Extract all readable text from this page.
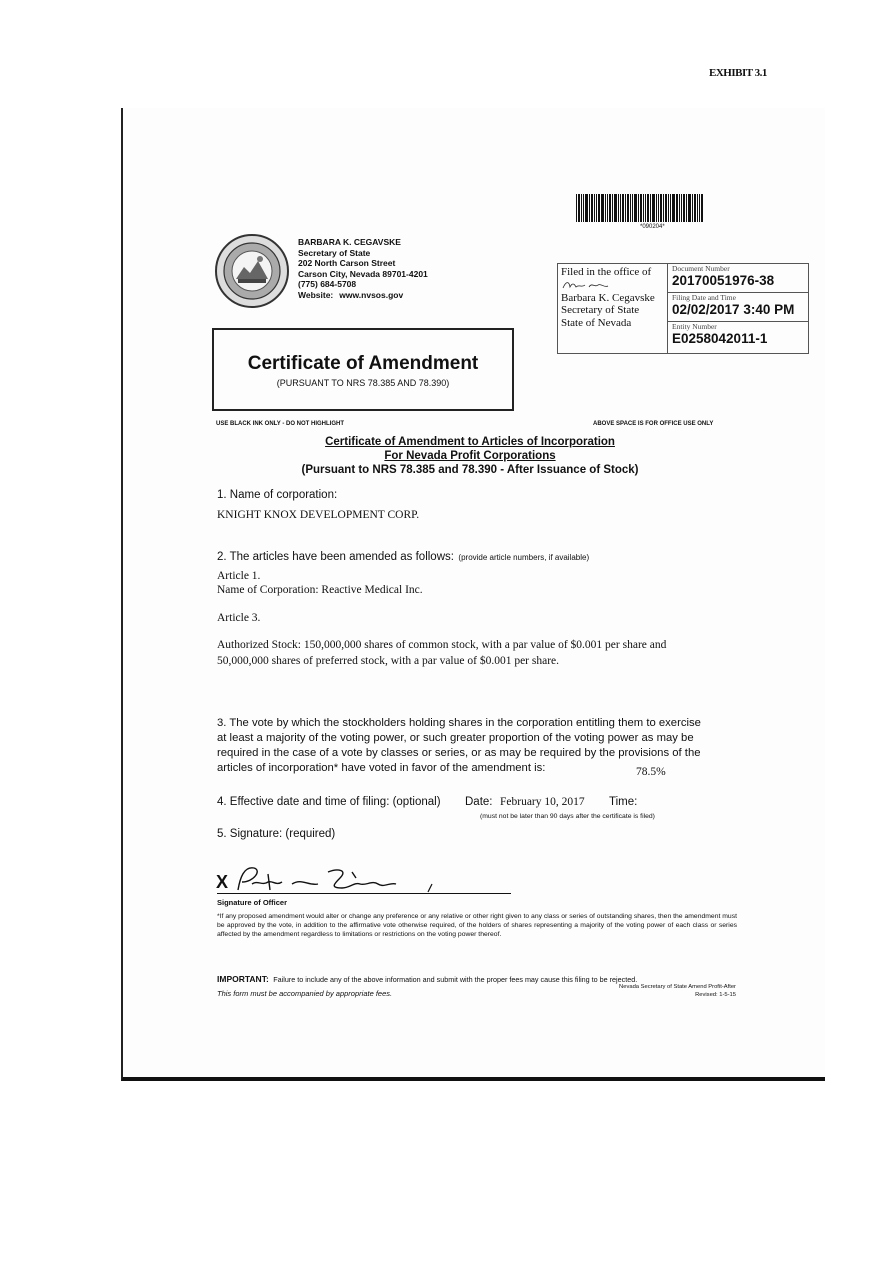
EXHIBIT 3.1
*090204*
BARBARA K. CEGAVSKE
Secretary of State
202 North Carson Street
Carson City, Nevada 89701-4201
(775) 684-5708
Website: www.nvsos.gov
Filed in the office of
Barbara K. Cegavske
Secretary of State
State of Nevada
Document Number
20170051976-38
Filing Date and Time
02/02/2017 3:40 PM
Entity Number
E0258042011-1
Certificate of Amendment
(PURSUANT TO NRS 78.385 AND 78.390)
USE BLACK INK ONLY - DO NOT HIGHLIGHT	ABOVE SPACE IS FOR OFFICE USE ONLY
Certificate of Amendment to Articles of Incorporation
For Nevada Profit Corporations
(Pursuant to NRS 78.385 and 78.390 - After Issuance of Stock)
1. Name of corporation:
KNIGHT KNOX DEVELOPMENT CORP.
2. The articles have been amended as follows: (provide article numbers, if available)
Article 1.
Name of Corporation: Reactive Medical Inc.
Article 3.
Authorized Stock: 150,000,000 shares of common stock, with a par value of $0.001 per share and
50,000,000 shares of preferred stock, with a par value of $0.001 per share.
3. The vote by which the stockholders holding shares in the corporation entitling them to exercise
at least a majority of the voting power, or such greater proportion of the voting power as may be
required in the case of a vote by classes or series, or as may be required by the provisions of the
articles of incorporation* have voted in favor of the amendment is:	78.5%
4. Effective date and time of filing: (optional) Date: February 10, 2017 Time:
(must not be later than 90 days after the certificate is filed)
5. Signature: (required)
X
Signature of Officer
*If any proposed amendment would alter or change any preference or any relative or other right given to any class or series of outstanding shares, then the amendment must be approved by the vote, in addition to the affirmative vote otherwise required, of the holders of shares representing a majority of the voting power of each class or series affected by the amendment regardless to limitations or restrictions on the voting power thereof.
IMPORTANT: Failure to include any of the above information and submit with the proper fees may cause this filing to be rejected.
This form must be accompanied by appropriate fees.
Nevada Secretary of State Amend Profit-After
Revised: 1-5-15
